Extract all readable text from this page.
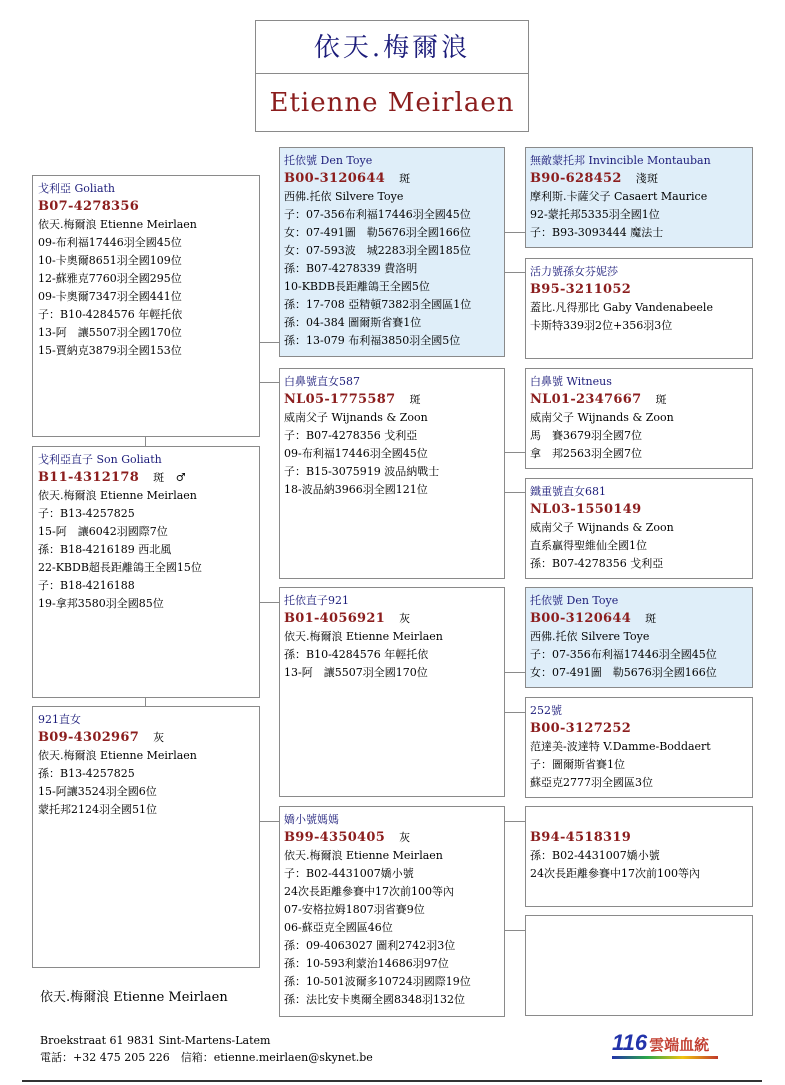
依天.梅爾浪
Etienne Meirlaen
戈利亞 Goliath
B07-4278356
依天.梅爾浪 Etienne Meirlaen
09-布利福17446羽全國45位
10-卡奧爾8651羽全國109位
12-蘇雅克7760羽全國295位
09-卡奧爾7347羽全國441位
子：B10-4284576 年輕托依
13-阿　讓5507羽全國170位
15-賈納克3879羽全國153位
戈利亞直子 Son Goliath
B11-4312178 斑　♂
依天.梅爾浪 Etienne Meirlaen
子：B13-4257825
15-阿　讓6042羽國際7位
孫：B18-4216189 西北風
22-KBDB超長距離鴿王全國15位
子：B18-4216188
19-拿邦3580羽全國85位
921直女
B09-4302967 灰
依天.梅爾浪 Etienne Meirlaen
孫：B13-4257825
15-阿讓3524羽全國6位
蒙托邦2124羽全國51位
托依號 Den Toye
B00-3120644 斑
西佛.托依 Silvere Toye
子：07-356布利福17446羽全國45位
女：07-491圖　勒5676羽全國166位
女：07-593波　城2283羽全國185位
孫：B07-4278339 費洛明
10-KBDB長距離鴿王全國5位
孫：17-708 亞精頓7382羽全國區1位
孫：04-384 圖爾斯省賽1位
孫：13-079 布利福3850羽全國5位
白鼻號直女587
NL05-1775587 斑
威南父子 Wijnands & Zoon
子：B07-4278356 戈利亞
09-布利福17446羽全國45位
子：B15-3075919 波品納戰士
18-波品納3966羽全國121位
托依直子921
B01-4056921 灰
依天.梅爾浪 Etienne Meirlaen
孫：B10-4284576 年輕托依
13-阿　讓5507羽全國170位
嬌小號媽媽
B99-4350405 灰
依天.梅爾浪 Etienne Meirlaen
子：B02-4431007嬌小號
24次長距離參賽中17次前100等內
07-安格拉姆1807羽省賽9位
06-蘇亞克全國區46位
孫：09-4063027 圖利2742羽3位
孫：10-593利蒙治14686羽97位
孫：10-501波爾多10724羽國際19位
孫：法比安卡奧爾全國8348羽132位
無敵蒙托邦 Invincible Montauban
B90-628452 淺斑
摩利斯.卡薩父子 Casaert Maurice
92-蒙托邦5335羽全國1位
子：B93-3093444 魔法士
活力號孫女芬妮莎
B95-3211052
蓋比.凡得那比 Gaby Vandenabeele
卡斯特339羽2位+356羽3位
白鼻號 Witneus
NL01-2347667 斑
威南父子 Wijnands & Zoon
馬　賽3679羽全國7位
拿　邦2563羽全國7位
鐵重號直女681
NL03-1550149
威南父子 Wijnands & Zoon
直系贏得聖維仙全國1位
孫：B07-4278356 戈利亞
托依號 Den Toye
B00-3120644 斑
西佛.托依 Silvere Toye
子：07-356布利福17446羽全國45位
女：07-491圖　勒5676羽全國166位
252號
B00-3127252
范達美-波達特 V.Damme-Boddaert
子：圖爾斯省賽1位
蘇亞克2777羽全國區3位
B94-4518319
孫：B02-4431007嬌小號
24次長距離參賽中17次前100等內
依天.梅爾浪 Etienne Meirlaen
Broekstraat 61 9831 Sint-Martens-Latem
電話：+32 475 205 226　信箱：etienne.meirlaen@skynet.be
116 雲端血統
